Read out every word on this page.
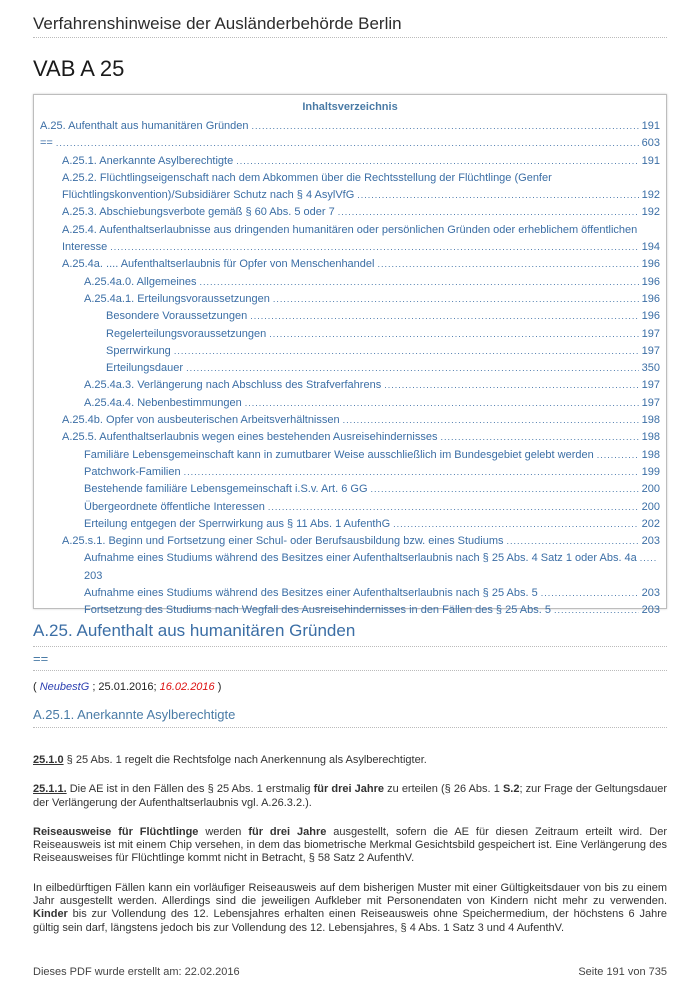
Verfahrenshinweise der Ausländerbehörde Berlin
VAB A 25
Inhaltsverzeichnis
A.25. Aufenthalt aus humanitären Gründen .....	191
== .....	603
A.25.1. Anerkannte Asylberechtigte .....	191
A.25.2. Flüchtlingseigenschaft nach dem Abkommen über die Rechtsstellung der Flüchtlinge (Genfer
Flüchtlingskonvention)/Subsidiärer Schutz nach § 4 AsylVfG .....	192
A.25.3. Abschiebungsverbote gemäß § 60 Abs. 5 oder 7 .....	192
A.25.4. Aufenthaltserlaubnisse aus dringenden humanitären oder persönlichen Gründen oder erheblichem öffentlichen
Interesse .....	194
A.25.4a. .... Aufenthaltserlaubnis für Opfer von Menschenhandel .....	196
A.25.4a.0. Allgemeines .....	196
A.25.4a.1. Erteilungsvoraussetzungen .....	196
Besondere Voraussetzungen .....	196
Regelerteilungsvoraussetzungen .....	197
Sperrwirkung .....	197
Erteilungsdauer .....	350
A.25.4a.3. Verlängerung nach Abschluss des Strafverfahrens .....	197
A.25.4a.4. Nebenbestimmungen .....	197
A.25.4b. Opfer von ausbeuterischen Arbeitsverhältnissen .....	198
A.25.5. Aufenthaltserlaubnis wegen eines bestehenden Ausreisehindernisses .....	198
Familiäre Lebensgemeinschaft kann in zumutbarer Weise ausschließlich im Bundesgebiet gelebt werden .....	198
Patchwork-Familien .....	199
Bestehende familiäre Lebensgemeinschaft i.S.v. Art. 6 GG .....	200
Übergeordnete öffentliche Interessen .....	200
Erteilung entgegen der Sperrwirkung aus § 11 Abs. 1 AufenthG .....	202
A.25.s.1. Beginn und Fortsetzung einer Schul- oder Berufsausbildung bzw. eines Studiums .....	203
Aufnahme eines Studiums während des Besitzes einer Aufenthaltserlaubnis nach § 25 Abs. 4 Satz 1 oder Abs. 4a
.....
203
Aufnahme eines Studiums während des Besitzes einer Aufenthaltserlaubnis nach § 25 Abs. 5 .....	203
Fortsetzung des Studiums nach Wegfall des Ausreisehindernisses in den Fällen des § 25 Abs. 5 .....	203
A.25. Aufenthalt aus humanitären Gründen
==
( NeubestG ; 25.01.2016; 16.02.2016 )
A.25.1. Anerkannte Asylberechtigte
25.1.0 § 25 Abs. 1 regelt die Rechtsfolge nach Anerkennung als Asylberechtigter.
25.1.1. Die AE ist in den Fällen des § 25 Abs. 1 erstmalig für drei Jahre zu erteilen (§ 26 Abs. 1 S.2; zur Frage der Geltungsdauer der Verlängerung der Aufenthaltserlaubnis vgl. A.26.3.2.).
Reiseausweise für Flüchtlinge werden für drei Jahre ausgestellt, sofern die AE für diesen Zeitraum erteilt wird. Der Reiseausweis ist mit einem Chip versehen, in dem das biometrische Merkmal Gesichtsbild gespeichert ist. Eine Verlängerung des Reiseausweises für Flüchtlinge kommt nicht in Betracht, § 58 Satz 2 AufenthV.
In eilbedürftigen Fällen kann ein vorläufiger Reiseausweis auf dem bisherigen Muster mit einer Gültigkeitsdauer von bis zu einem Jahr ausgestellt werden. Allerdings sind die jeweiligen Aufkleber mit Personendaten von Kindern nicht mehr zu verwenden. Kinder bis zur Vollendung des 12. Lebensjahres erhalten einen Reiseausweis ohne Speichermedium, der höchstens 6 Jahre gültig sein darf, längstens jedoch bis zur Vollendung des 12. Lebensjahres, § 4 Abs. 1 Satz 3 und 4 AufenthV.
Dieses PDF wurde erstellt am: 22.02.2016	Seite 191 von 735
